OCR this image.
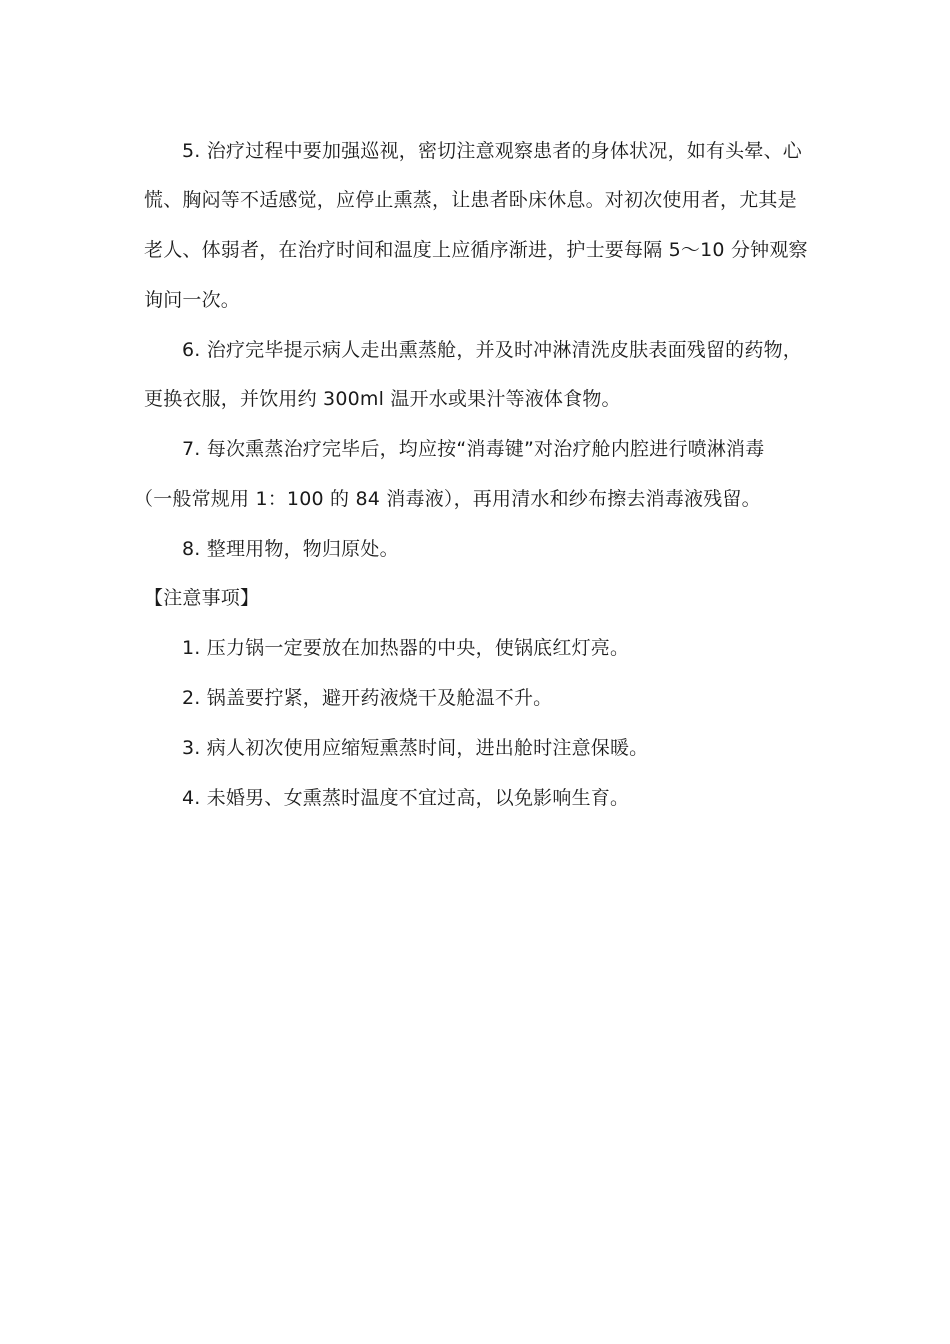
5. 治疗过程中要加强巡视，密切注意观察患者的身体状况，如有头晕、心
慌、胸闷等不适感觉，应停止熏蒸，让患者卧床休息。对初次使用者，尤其是
老人、体弱者，在治疗时间和温度上应循序渐进，护士要每隔 5～10 分钟观察
询问一次。
6. 治疗完毕提示病人走出熏蒸舱，并及时冲淋清洗皮肤表面残留的药物，
更换衣服，并饮用约 300ml 温开水或果汁等液体食物。
7. 每次熏蒸治疗完毕后，均应按“消毒键”对治疗舱内腔进行喷淋消毒
（一般常规用 1：100 的 84 消毒液），再用清水和纱布擦去消毒液残留。
8. 整理用物，物归原处。
【注意事项】
1. 压力锅一定要放在加热器的中央，使锅底红灯亮。
2. 锅盖要拧紧，避开药液烧干及舱温不升。
3. 病人初次使用应缩短熏蒸时间，进出舱时注意保暖。
4. 未婚男、女熏蒸时温度不宜过高，以免影响生育。
